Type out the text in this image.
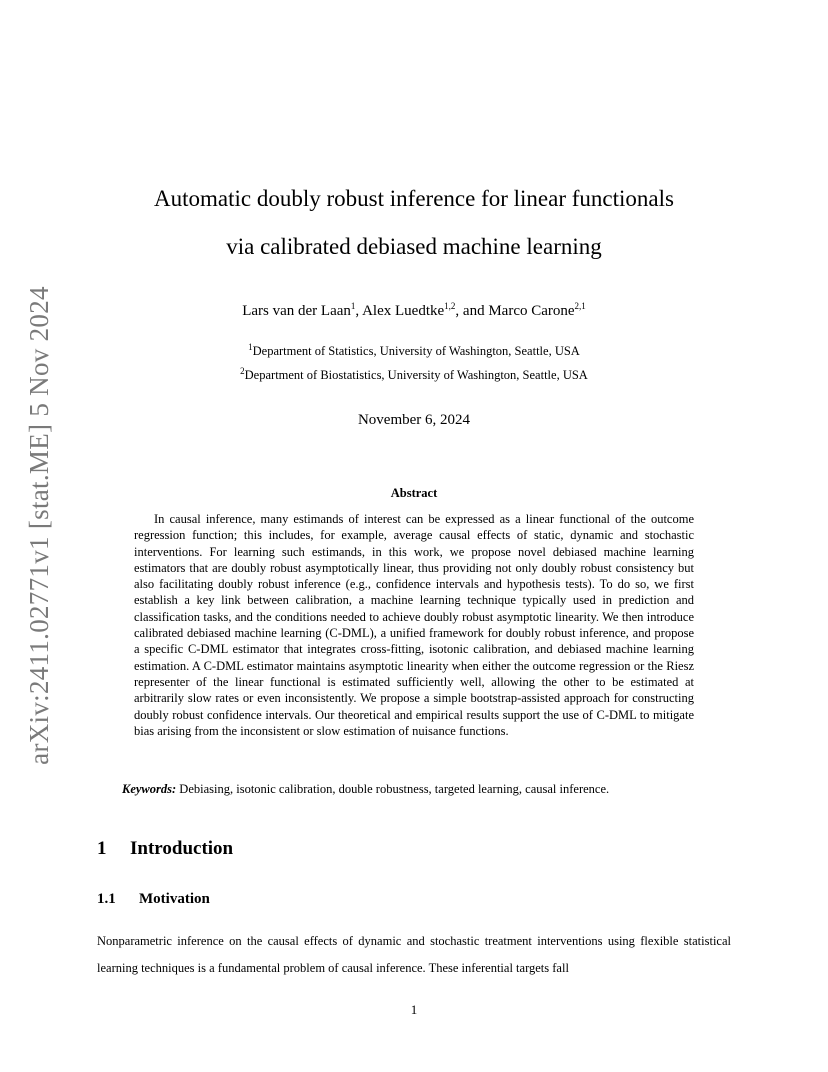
arXiv:2411.02771v1 [stat.ME] 5 Nov 2024
Automatic doubly robust inference for linear functionals
via calibrated debiased machine learning
Lars van der Laan$^1$, Alex Luedtke$^{1,2}$, and Marco Carone$^{2,1}$
$^1$Department of Statistics, University of Washington, Seattle, USA
$^2$Department of Biostatistics, University of Washington, Seattle, USA
November 6, 2024
Abstract
In causal inference, many estimands of interest can be expressed as a linear functional of the outcome regression function; this includes, for example, average causal effects of static, dynamic and stochastic interventions. For learning such estimands, in this work, we propose novel debiased machine learning estimators that are doubly robust asymptotically linear, thus providing not only doubly robust consistency but also facilitating doubly robust inference (e.g., confidence intervals and hypothesis tests). To do so, we first establish a key link between calibration, a machine learning technique typically used in prediction and classification tasks, and the conditions needed to achieve doubly robust asymptotic linearity. We then introduce calibrated debiased machine learning (C-DML), a unified framework for doubly robust inference, and propose a specific C-DML estimator that integrates cross-fitting, isotonic calibration, and debiased machine learning estimation. A C-DML estimator maintains asymptotic linearity when either the outcome regression or the Riesz representer of the linear functional is estimated sufficiently well, allowing the other to be estimated at arbitrarily slow rates or even inconsistently. We propose a simple bootstrap-assisted approach for constructing doubly robust confidence intervals. Our theoretical and empirical results support the use of C-DML to mitigate bias arising from the inconsistent or slow estimation of nuisance functions.
Keywords: Debiasing, isotonic calibration, double robustness, targeted learning, causal inference.
1 Introduction
1.1 Motivation
Nonparametric inference on the causal effects of dynamic and stochastic treatment interventions using flexible statistical learning techniques is a fundamental problem of causal inference. These inferential targets fall
1
